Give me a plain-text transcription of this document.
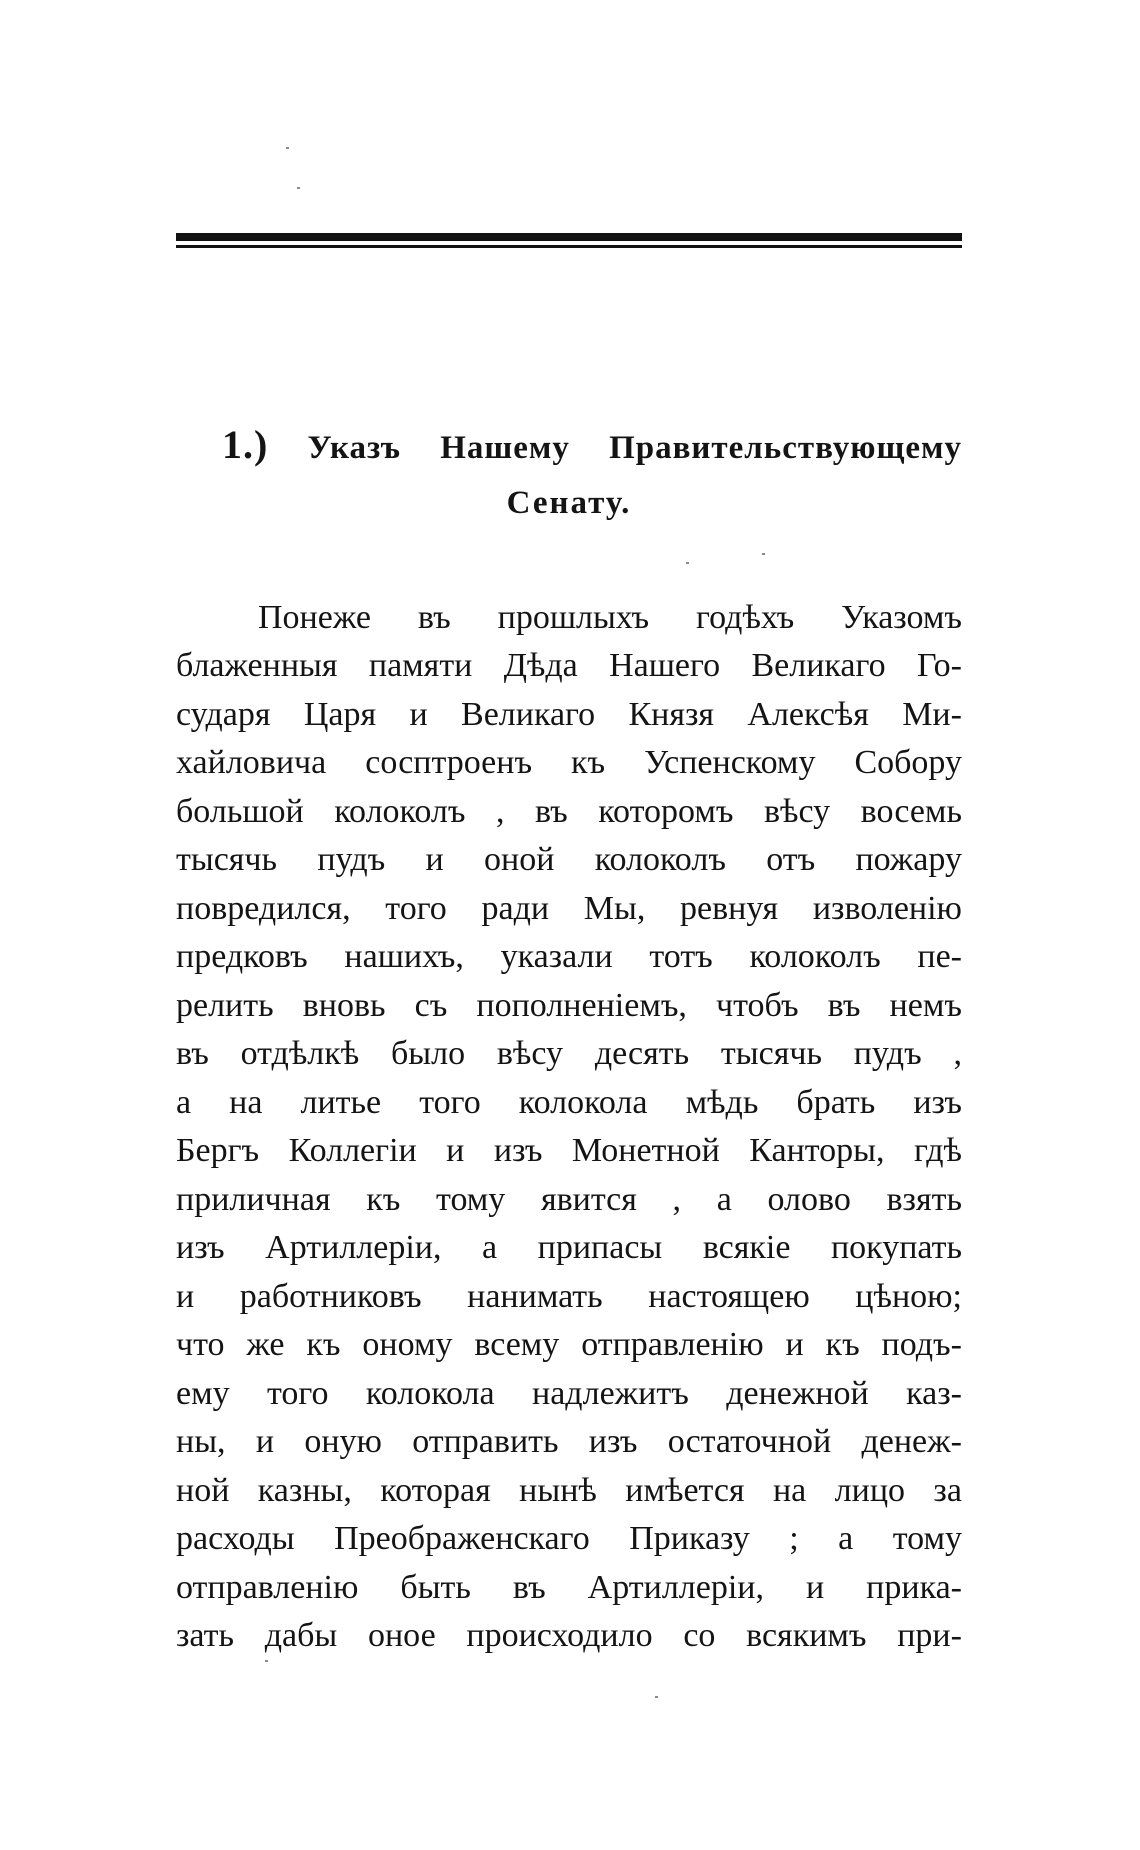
1.) Указъ Нашему Правительствующему
Сенату.
Понеже въ прошлыхъ годѣхъ Указомъ
блаженныя памяти Дѣда Нашего Великаго Го-
сударя Царя и Великаго Князя Алексѣя Ми-
хайловича сосптроенъ къ Успенскому Собору
большой колоколъ , въ которомъ вѣсу восемь
тысячь пудъ и оной колоколъ отъ пожару
повредился, того ради Мы, ревнуя изволенію
предковъ нашихъ, указали тотъ колоколъ пе-
релить вновь съ пополненіемъ, чтобъ въ немъ
въ отдѣлкѣ было вѣсу десять тысячь пудъ ,
а на литье того колокола мѣдь брать изъ
Бергъ Коллегіи и изъ Монетной Канторы, гдѣ
приличная къ тому явится , а олово взять
изъ Артиллеріи, а припасы всякіе покупать
и работниковъ нанимать настоящею цѣною;
что же къ оному всему отправленію и къ подъ-
ему того колокола надлежитъ денежной каз-
ны, и оную отправить изъ остаточной денеж-
ной казны, которая нынѣ имѣется на лицо за
расходы Преображенскаго Приказу ; а тому
отправленію быть въ Артиллеріи, и прика-
зать дабы оное происходило со всякимъ при-
